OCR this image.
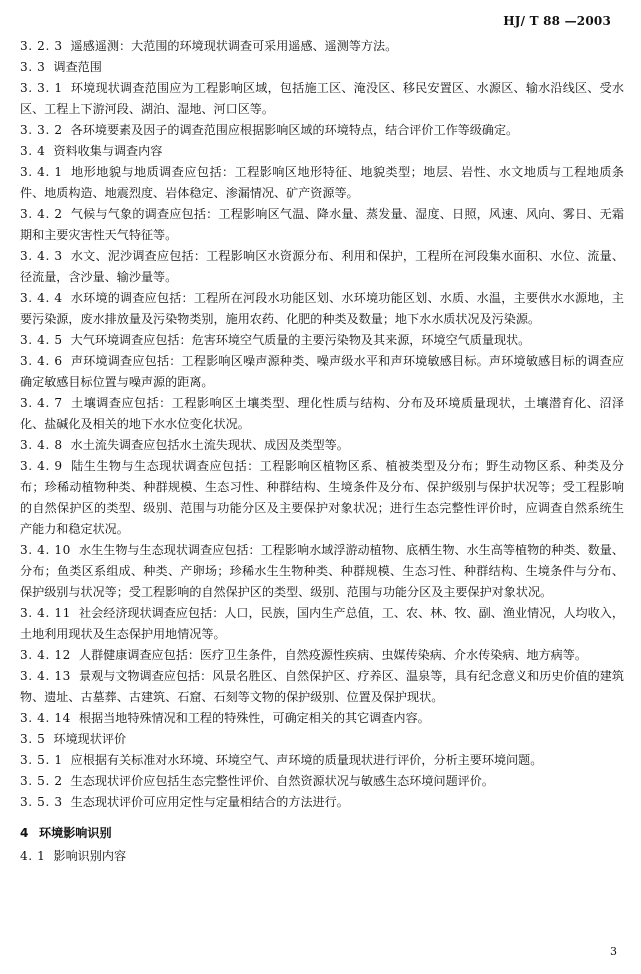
HJ/ T 88 —2003

3. 2. 3 遥感遥测：大范围的环境现状调查可采用遥感、遥测等方法。

3. 3 调查范围

3. 3. 1 环境现状调查范围应为工程影响区域，包括施工区、淹没区、移民安置区、水源区、输水沿线区、受水区、工程上下游河段、湖泊、湿地、河口区等。

3. 3. 2 各环境要素及因子的调查范围应根据影响区域的环境特点，结合评价工作等级确定。

3. 4 资料收集与调查内容

3. 4. 1 地形地貌与地质调查应包括：工程影响区地形特征、地貌类型；地层、岩性、水文地质与工程地质条件、地质构造、地震烈度、岩体稳定、渗漏情况、矿产资源等。

3. 4. 2 气候与气象的调查应包括：工程影响区气温、降水量、蒸发量、湿度、日照，风速、风向、雾日、无霜期和主要灾害性天气特征等。

3. 4. 3 水文、泥沙调查应包括：工程影响区水资源分布、利用和保护，工程所在河段集水面积、水位、流量、径流量，含沙量、输沙量等。

3. 4. 4 水环境的调查应包括：工程所在河段水功能区划、水环境功能区划、水质、水温，主要供水水源地，主要污染源，废水排放量及污染物类别，施用农药、化肥的种类及数量；地下水水质状况及污染源。

3. 4. 5 大气环境调查应包括：危害环境空气质量的主要污染物及其来源，环境空气质量现状。

3. 4. 6 声环境调查应包括：工程影响区噪声源种类、噪声级水平和声环境敏感目标。声环境敏感目标的调查应确定敏感目标位置与噪声源的距离。

3. 4. 7 土壤调查应包括：工程影响区土壤类型、理化性质与结构、分布及环境质量现状，土壤潜育化、沼泽化、盐碱化及相关的地下水水位变化状况。

3. 4. 8 水土流失调查应包括水土流失现状、成因及类型等。

3. 4. 9 陆生生物与生态现状调查应包括：工程影响区植物区系、植被类型及分布；野生动物区系、种类及分布；珍稀动植物种类、种群规模、生态习性、种群结构、生境条件及分布、保护级别与保护状况等；受工程影响的自然保护区的类型、级别、范围与功能分区及主要保护对象状况；进行生态完整性评价时，应调查自然系统生产能力和稳定状况。

3. 4. 10 水生生物与生态现状调查应包括：工程影响水域浮游动植物、底栖生物、水生高等植物的种类、数量、分布；鱼类区系组成、种类、产卵场；珍稀水生生物种类、种群规模、生态习性、种群结构、生境条件与分布、保护级别与状况等；受工程影响的自然保护区的类型、级别、范围与功能分区及主要保护对象状况。

3. 4. 11 社会经济现状调查应包括：人口，民族，国内生产总值，工、农、林、牧、副、渔业情况，人均收入，土地利用现状及生态保护用地情况等。

3. 4. 12 人群健康调查应包括：医疗卫生条件，自然疫源性疾病、虫媒传染病、介水传染病、地方病等。

3. 4. 13 景观与文物调查应包括：风景名胜区、自然保护区、疗养区、温泉等，具有纪念意义和历史价值的建筑物、遗址、古墓葬、古建筑、石窟、石刻等文物的保护级别、位置及保护现状。

3. 4. 14 根据当地特殊情况和工程的特殊性，可确定相关的其它调查内容。

3. 5 环境现状评价

3. 5. 1 应根据有关标准对水环境、环境空气、声环境的质量现状进行评价，分析主要环境问题。

3. 5. 2 生态现状评价应包括生态完整性评价、自然资源状况与敏感生态环境问题评价。

3. 5. 3 生态现状评价可应用定性与定量相结合的方法进行。

4 环境影响识别

4. 1 影响识别内容

3
